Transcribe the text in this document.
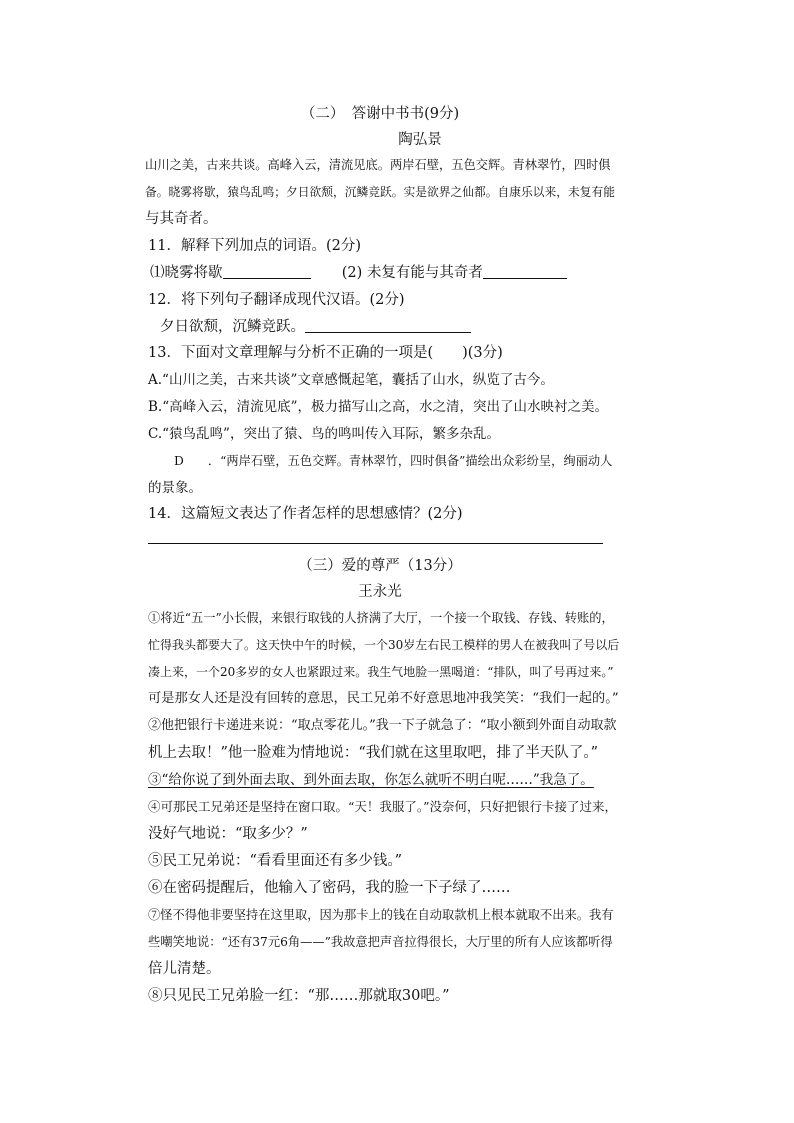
（二）　答谢中书书(9分)
陶弘景
山川之美，古来共谈。高峰入云，清流见底。两岸石壁，五色交辉。青林翠竹，四时俱
备。晓雾将歇，猿鸟乱鸣；夕日欲颓，沉鳞竞跃。实是欲界之仙都。自康乐以来，未复有能
与其奇者。
11．解释下列加点的词语。(2分)
⑴晓雾将歇	(2) 未复有能与其奇者
12．将下列句子翻译成现代汉语。(2分)
夕日欲颓，沉鳞竞跃。
13．下面对文章理解与分析不正确的一项是(　　)(3分)
A.“山川之美，古来共谈”文章感慨起笔，囊括了山水，纵览了古今。
B.“高峰入云，清流见底”，极力描写山之高，水之清，突出了山水映衬之美。
C.“猿鸟乱鸣”，突出了猿、鸟的鸣叫传入耳际，繁多杂乱。
D ．“两岸石壁，五色交辉。青林翠竹，四时俱备”描绘出众彩纷呈，绚丽动人
的景象。
14．这篇短文表达了作者怎样的思想感情？(2分)
（三）爱的尊严（13分）
王永光
①将近“五一”小长假，来银行取钱的人挤满了大厅，一个接一个取钱、存钱、转账的，
忙得我头都要大了。这天快中午的时候，一个30岁左右民工模样的男人在被我叫了号以后
凑上来，一个20多岁的女人也紧跟过来。我生气地脸一黑喝道：“排队，叫了号再过来。”
可是那女人还是没有回转的意思，民工兄弟不好意思地冲我笑笑：“我们一起的。”
②他把银行卡递进来说：“取点零花儿。”我一下子就急了：“取小额到外面自动取款
机上去取！”他一脸难为情地说：“我们就在这里取吧，排了半天队了。”
③“给你说了到外面去取、到外面去取，你怎么就听不明白呢……”我急了。
④可那民工兄弟还是坚持在窗口取。“天！我服了。”没奈何，只好把银行卡接了过来，
没好气地说：“取多少？”
⑤民工兄弟说：“看看里面还有多少钱。”
⑥在密码提醒后，他输入了密码，我的脸一下子绿了……
⑦怪不得他非要坚持在这里取，因为那卡上的钱在自动取款机上根本就取不出来。我有
些嘲笑地说：“还有37元6角——”我故意把声音拉得很长，大厅里的所有人应该都听得
倍儿清楚。
⑧只见民工兄弟脸一红：“那……那就取30吧。”
